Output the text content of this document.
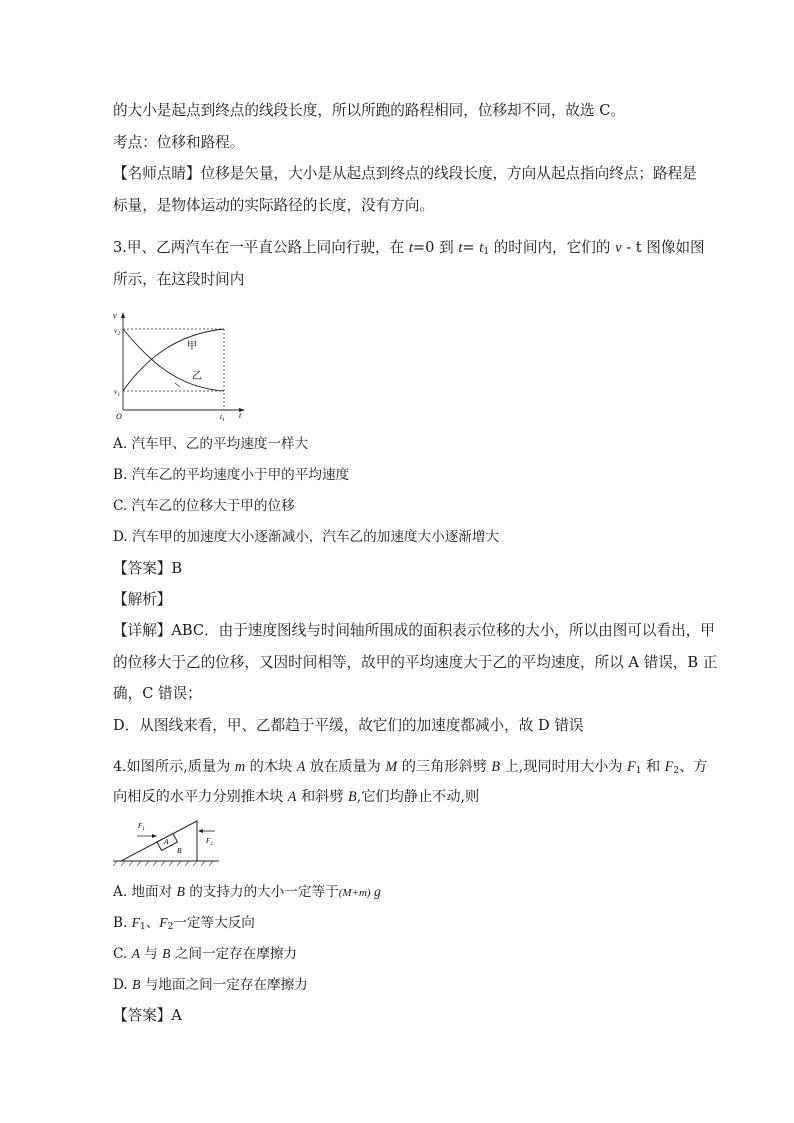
的大小是起点到终点的线段长度，所以所跑的路程相同，位移却不同，故选 C。
考点：位移和路程。
【名师点睛】位移是矢量，大小是从起点到终点的线段长度，方向从起点指向终点；路程是
标量，是物体运动的实际路径的长度，没有方向。
3.甲、乙两汽车在一平直公路上同向行驶，在 t=0 到 $t= t_1$ 的时间内，它们的 v - t 图像如图
所示，在这段时间内
v
$v_2$
$v_1$
O	$t_1$ t
甲
乙
A. 汽车甲、乙的平均速度一样大
B. 汽车乙的平均速度小于甲的平均速度
C. 汽车乙的位移大于甲的位移
D. 汽车甲的加速度大小逐渐减小，汽车乙的加速度大小逐渐增大
【答案】B
【解析】
【详解】ABC．由于速度图线与时间轴所围成的面积表示位移的大小，所以由图可以看出，甲
的位移大于乙的位移，又因时间相等，故甲的平均速度大于乙的平均速度，所以 A 错误，B 正
确，C 错误；
D．从图线来看，甲、乙都趋于平缓，故它们的加速度都减小，故 D 错误
4.如图所示,质量为 m 的木块 A 放在质量为 M 的三角形斜劈 B 上,现同时用大小为 $F_1$ 和 $F_2$、方
向相反的水平力分别推木块 A 和斜劈 B,它们均静止不动,则
$F_1$
A
B
$F_2$
A. 地面对 B 的支持力的大小一定等于(M+m) g
B. $F_1$、$F_2$一定等大反向
C. A 与 B 之间一定存在摩擦力
D. B 与地面之间一定存在摩擦力
【答案】A
